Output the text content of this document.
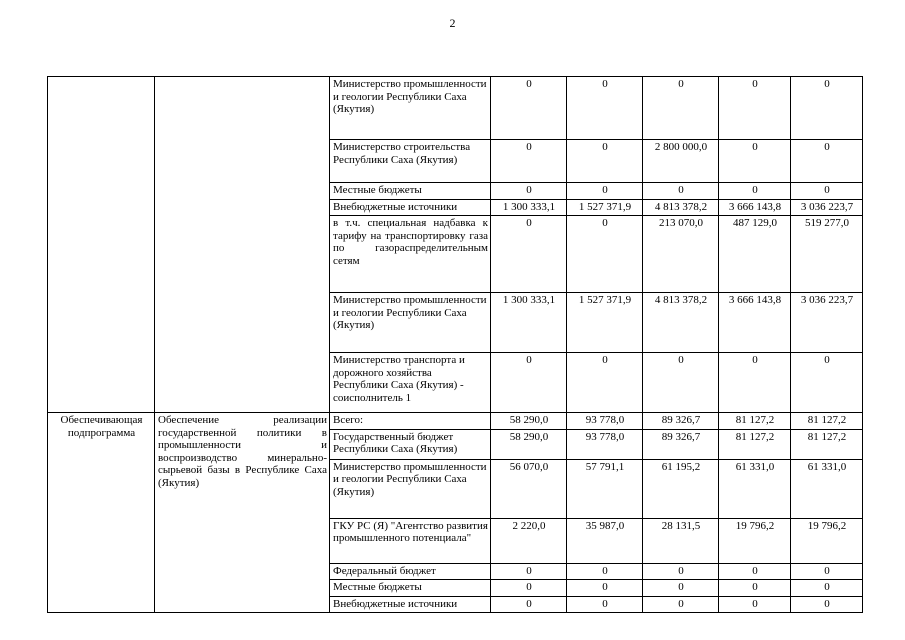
2
		Министерство промышленности и геологии Республики Саха (Якутия)	0	0	0	0	0
		Министерство строительства Республики Саха (Якутия)	0	0	2 800 000,0	0	0
		Местные бюджеты	0	0	0	0	0
		Внебюджетные источники	1 300 333,1	1 527 371,9	4 813 378,2	3 666 143,8	3 036 223,7
		в т.ч. специальная надбавка к тарифу на транспортировку газа по газораспределительным сетям	0	0	213 070,0	487 129,0	519 277,0
		Министерство промышленности и геологии Республики Саха (Якутия)	1 300 333,1	1 527 371,9	4 813 378,2	3 666 143,8	3 036 223,7
		Министерство транспорта и дорожного хозяйства Республики Саха (Якутия) - соисполнитель 1	0	0	0	0	0
Обеспечивающая подпрограмма	Обеспечение реализации государственной политики в промышленности и воспроизводство минерально-сырьевой базы в Республике Саха (Якутия)	Всего:	58 290,0	93 778,0	89 326,7	81 127,2	81 127,2
		Государственный бюджет Республики Саха (Якутия)	58 290,0	93 778,0	89 326,7	81 127,2	81 127,2
		Министерство промышленности и геологии Республики Саха (Якутия)	56 070,0	57 791,1	61 195,2	61 331,0	61 331,0
		ГКУ РС (Я) "Агентство развития промышленного потенциала"	2 220,0	35 987,0	28 131,5	19 796,2	19 796,2
		Федеральный бюджет	0	0	0	0	0
		Местные бюджеты	0	0	0	0	0
		Внебюджетные источники	0	0	0	0	0
